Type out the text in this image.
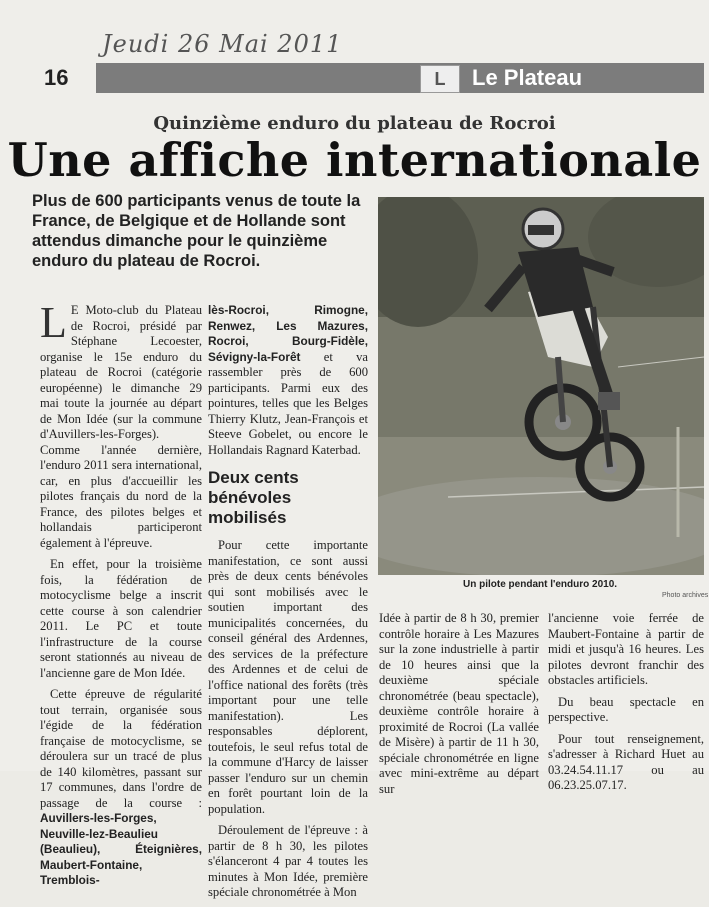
Jeudi 26 Mai 2011
16	L	Le Plateau
Quinzième enduro du plateau de Rocroi
Une affiche internationale
Plus de 600 participants venus de toute la France, de Belgique et de Hollande sont attendus dimanche pour le quinzième enduro du plateau de Rocroi.
Un pilote pendant l'enduro 2010.
Photo archives

L E Moto-club du Plateau de Rocroi, présidé par Stéphane Lecoester, organise le 15e enduro du plateau de Rocroi (catégorie européenne) le dimanche 29 mai toute la journée au départ de Mon Idée (sur la commune d'Auvillers-les-Forges). Comme l'année dernière, l'enduro 2011 sera international, car, en plus d'accueillir les pilotes français du nord de la France, des pilotes belges et hollandais participeront également à l'épreuve.

En effet, pour la troisième fois, la fédération de motocyclisme belge a inscrit cette course à son calendrier 2011. Le PC et toute l'infrastructure de la course seront stationnés au niveau de l'ancienne gare de Mon Idée.

Cette épreuve de régularité tout terrain, organisée sous l'égide de la fédération française de motocyclisme, se déroulera sur un tracé de plus de 140 kilomètres, passant sur 17 communes, dans l'ordre de passage de la course : Auvillers-les-Forges, Neuville-lez-Beaulieu (Beaulieu), Éteignières, Maubert-Fontaine, Tremblois-

lès-Rocroi, Rimogne, Renwez, Les Mazures, Rocroi, Bourg-Fidèle, Sévigny-la-Forêt et va rassembler près de 600 participants. Parmi eux des pointures, telles que les Belges Thierry Klutz, Jean-François et Steeve Gobelet, ou encore le Hollandais Ragnard Katerbad.

Deux cents bénévoles mobilisés

Pour cette importante manifestation, ce sont aussi près de deux cents bénévoles qui sont mobilisés avec le soutien important des municipalités concernées, du conseil général des Ardennes, des services de la préfecture des Ardennes et de celui de l'office national des forêts (très important pour une telle manifestation). Les responsables déplorent, toutefois, le seul refus total de la commune d'Harcy de laisser passer l'enduro sur un chemin en forêt pourtant loin de la population.

Déroulement de l'épreuve : à partir de 8 h 30, les pilotes s'élanceront 4 par 4 toutes les minutes à Mon Idée, première spéciale chronométrée à Mon

Idée à partir de 8 h 30, premier contrôle horaire à Les Mazures sur la zone industrielle à partir de 10 heures ainsi que la deuxième spéciale chronométrée (beau spectacle), deuxième contrôle horaire à proximité de Rocroi (La vallée de Misère) à partir de 11 h 30, spéciale chronométrée en ligne avec mini-extrême au départ sur

l'ancienne voie ferrée de Maubert-Fontaine à partir de midi et jusqu'à 16 heures. Les pilotes devront franchir des obstacles artificiels.

Du beau spectacle en perspective.

Pour tout renseignement, s'adresser à Richard Huet au 03.24.54.11.17 ou au 06.23.25.07.17.
